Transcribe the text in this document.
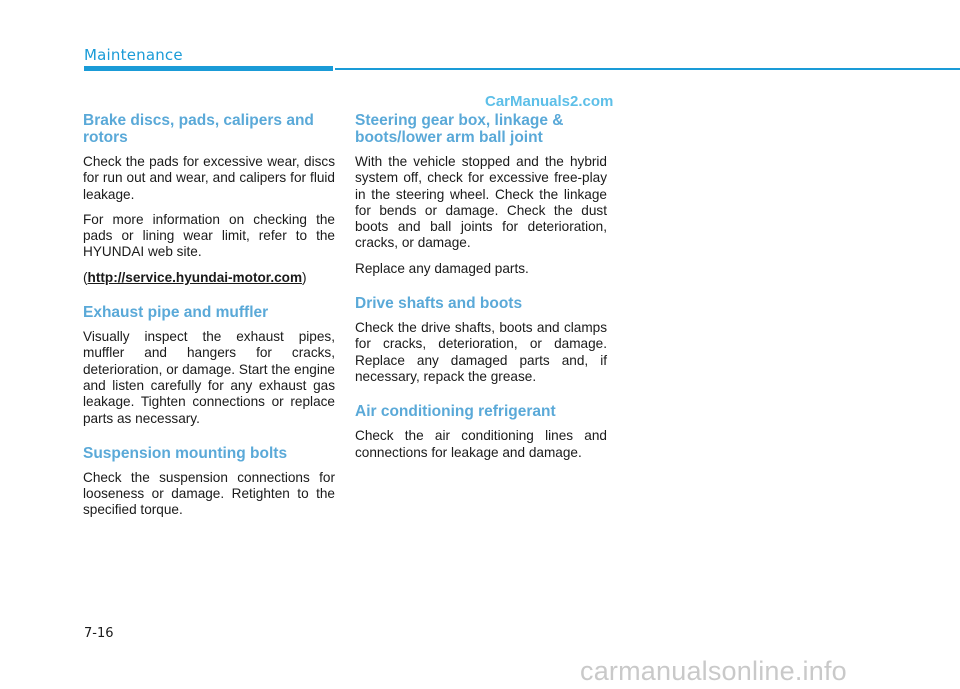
Maintenance
CarManuals2.com
Brake discs, pads, calipers and rotors

Check the pads for excessive wear, discs for run out and wear, and calipers for fluid leakage.

For more information on checking the pads or lining wear limit, refer to the HYUNDAI web site.

(http://service.hyundai-motor.com)

Exhaust pipe and muffler

Visually inspect the exhaust pipes, muffler and hangers for cracks, deterioration, or damage. Start the engine and listen carefully for any exhaust gas leakage. Tighten connections or replace parts as necessary.

Suspension mounting bolts

Check the suspension connections for looseness or damage. Retighten to the specified torque.

Steering gear box, linkage & boots/lower arm ball joint

With the vehicle stopped and the hybrid system off, check for excessive free-play in the steering wheel. Check the linkage for bends or damage. Check the dust boots and ball joints for deterioration, cracks, or damage.

Replace any damaged parts.

Drive shafts and boots

Check the drive shafts, boots and clamps for cracks, deterioration, or damage. Replace any damaged parts and, if necessary, repack the grease.

Air conditioning refrigerant

Check the air conditioning lines and connections for leakage and damage.

7-16
carmanualsonline.info
